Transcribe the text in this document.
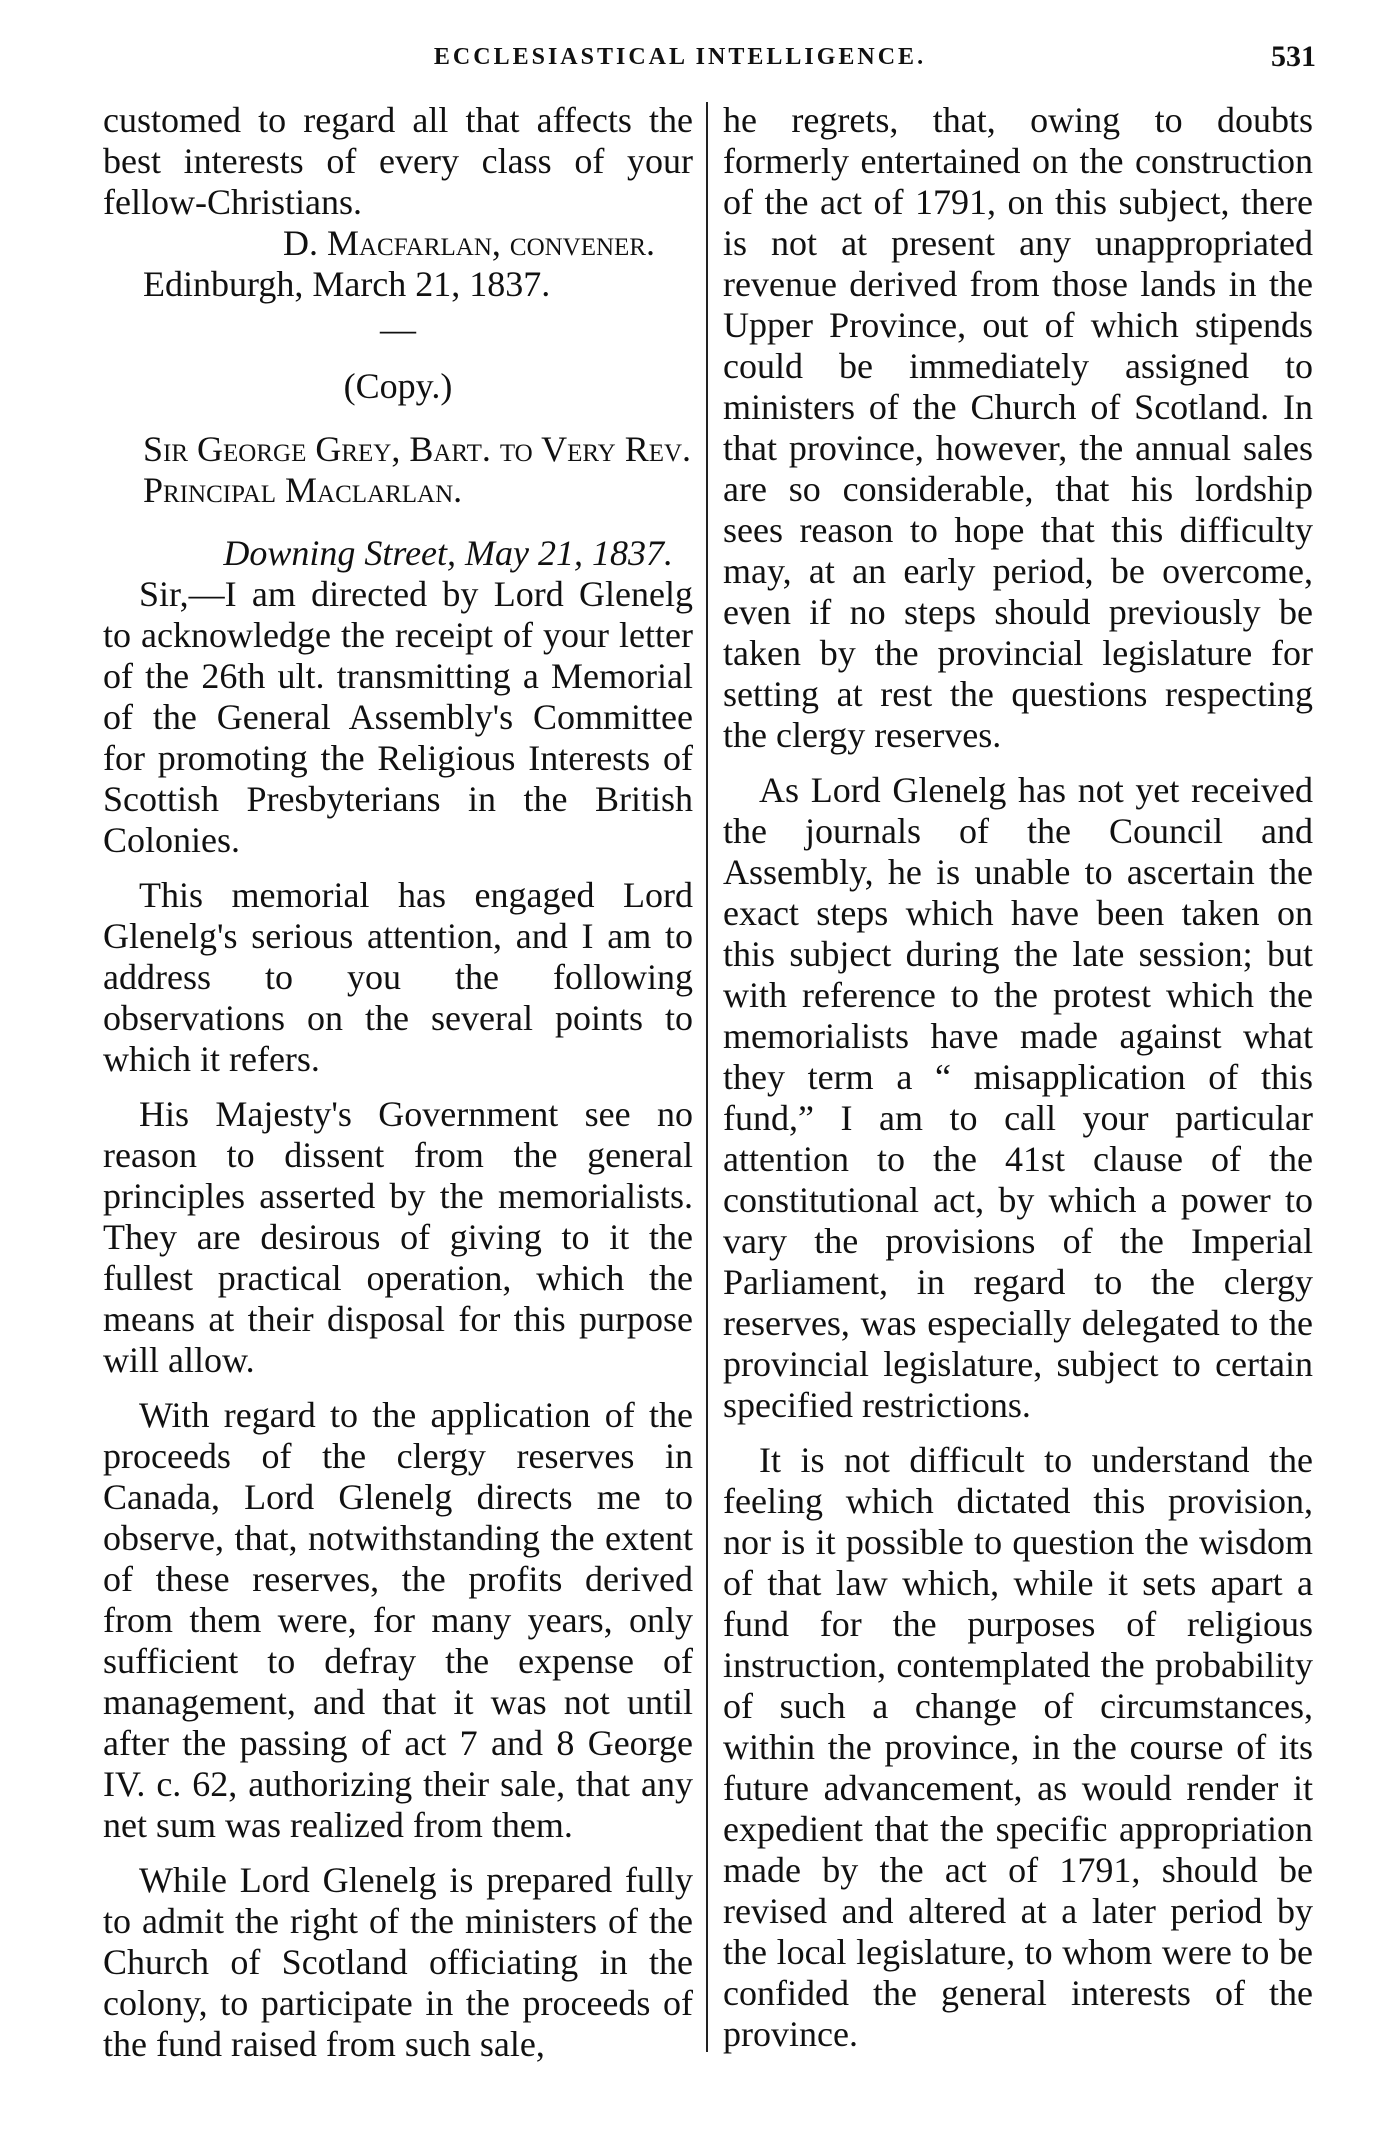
ECCLESIASTICAL INTELLIGENCE.	531

customed to regard all that affects the best interests of every class of your fellow-Christians.

D. Macfarlan, convener.

Edinburgh, March 21, 1837.

—

(Copy.)

Sir George Grey, Bart. to Very Rev. Principal Maclarlan.

Downing Street, May 21, 1837.

Sir,—I am directed by Lord Glenelg to acknowledge the receipt of your letter of the 26th ult. transmitting a Memorial of the General Assembly's Committee for promoting the Religious Interests of Scottish Presbyterians in the British Colonies.

This memorial has engaged Lord Glenelg's serious attention, and I am to address to you the following observations on the several points to which it refers.

His Majesty's Government see no reason to dissent from the general principles asserted by the memorialists. They are desirous of giving to it the fullest practical operation, which the means at their disposal for this purpose will allow.

With regard to the application of the proceeds of the clergy reserves in Canada, Lord Glenelg directs me to observe, that, notwithstanding the extent of these reserves, the profits derived from them were, for many years, only sufficient to defray the expense of management, and that it was not until after the passing of act 7 and 8 George IV. c. 62, authorizing their sale, that any net sum was realized from them.

While Lord Glenelg is prepared fully to admit the right of the ministers of the Church of Scotland officiating in the colony, to participate in the proceeds of the fund raised from such sale,

he regrets, that, owing to doubts formerly entertained on the construction of the act of 1791, on this subject, there is not at present any unappropriated revenue derived from those lands in the Upper Province, out of which stipends could be immediately assigned to ministers of the Church of Scotland. In that province, however, the annual sales are so considerable, that his lordship sees reason to hope that this difficulty may, at an early period, be overcome, even if no steps should previously be taken by the provincial legislature for setting at rest the questions respecting the clergy reserves.

As Lord Glenelg has not yet received the journals of the Council and Assembly, he is unable to ascertain the exact steps which have been taken on this subject during the late session; but with reference to the protest which the memorialists have made against what they term a “ misapplication of this fund,” I am to call your particular attention to the 41st clause of the constitutional act, by which a power to vary the provisions of the Imperial Parliament, in regard to the clergy reserves, was especially delegated to the provincial legislature, subject to certain specified restrictions.

It is not difficult to understand the feeling which dictated this provision, nor is it possible to question the wisdom of that law which, while it sets apart a fund for the purposes of religious instruction, contemplated the probability of such a change of circumstances, within the province, in the course of its future advancement, as would render it expedient that the specific appropriation made by the act of 1791, should be revised and altered at a later period by the local legislature, to whom were to be confided the general interests of the province.
